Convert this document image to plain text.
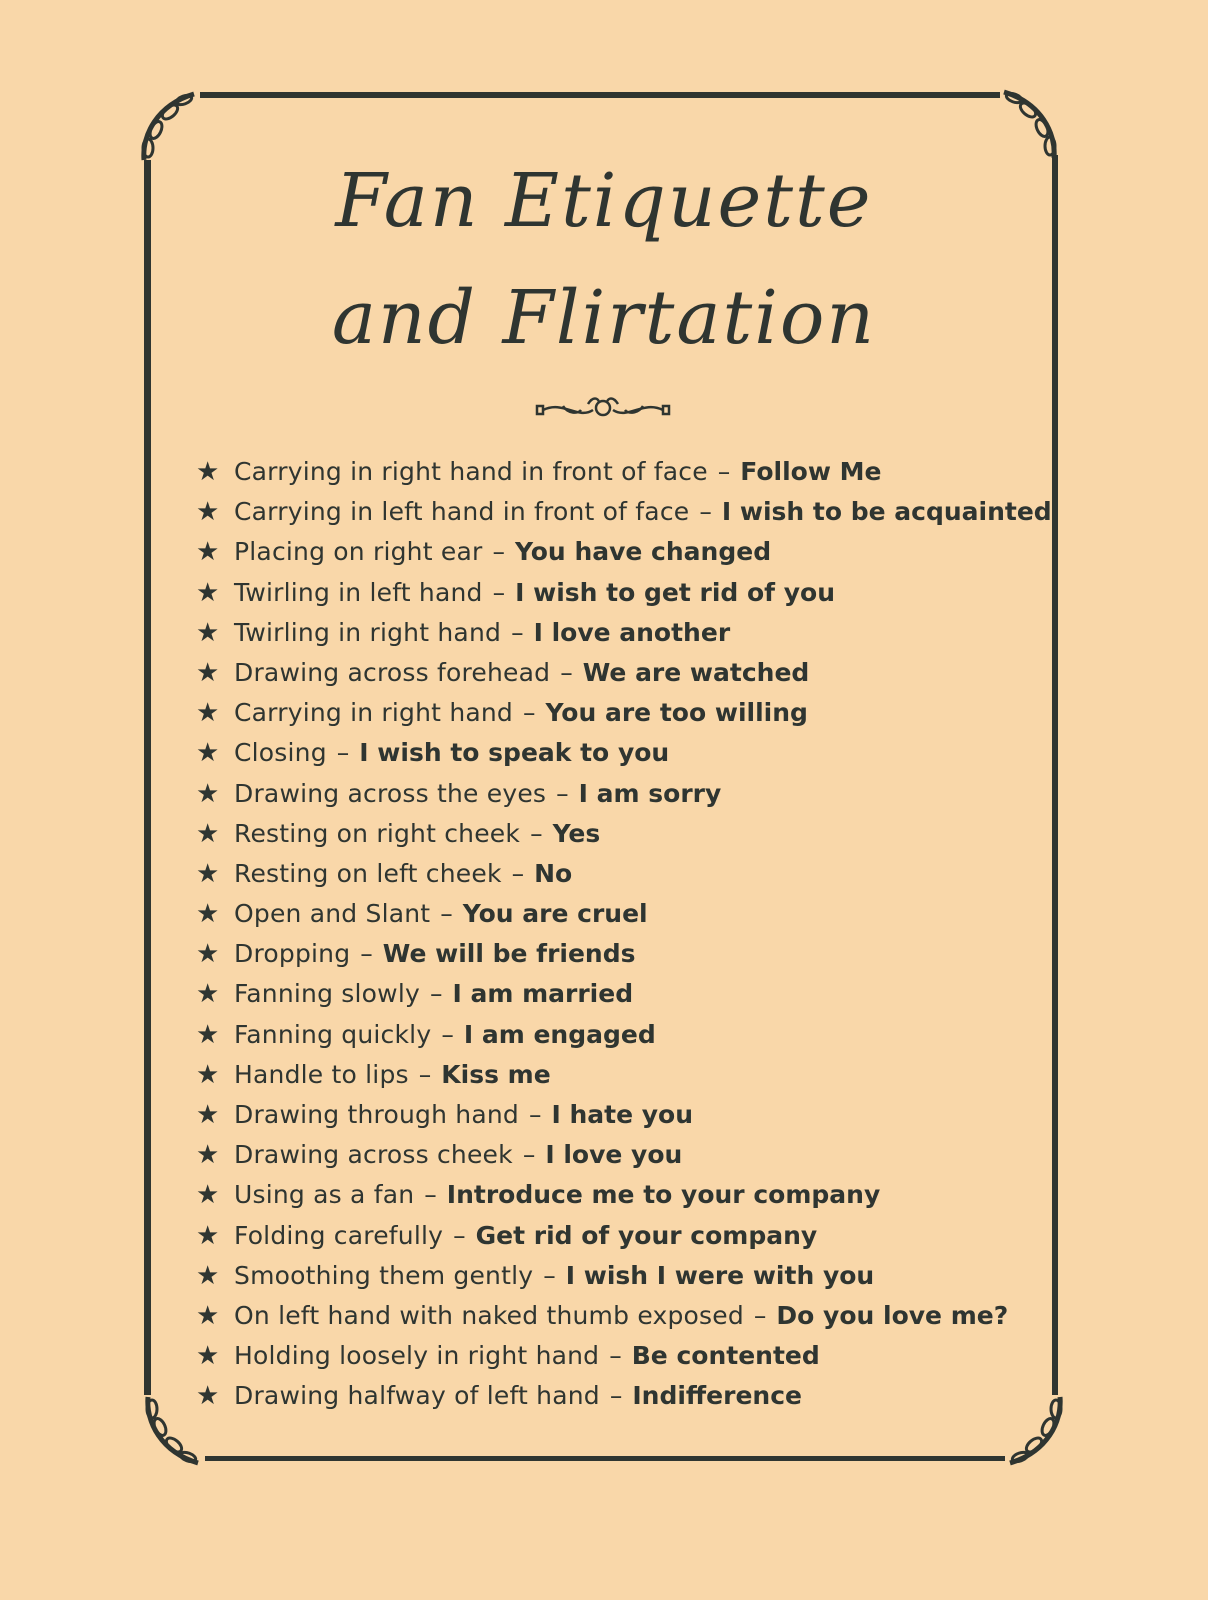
Fan Etiquette
and Flirtation
★ Carrying in right hand in front of face – Follow Me
★ Carrying in left hand in front of face – I wish to be acquainted
★ Placing on right ear – You have changed
★ Twirling in left hand – I wish to get rid of you
★ Twirling in right hand – I love another
★ Drawing across forehead – We are watched
★ Carrying in right hand – You are too willing
★ Closing – I wish to speak to you
★ Drawing across the eyes – I am sorry
★ Resting on right cheek – Yes
★ Resting on left cheek – No
★ Open and Slant – You are cruel
★ Dropping – We will be friends
★ Fanning slowly – I am married
★ Fanning quickly – I am engaged
★ Handle to lips – Kiss me
★ Drawing through hand – I hate you
★ Drawing across cheek – I love you
★ Using as a fan – Introduce me to your company
★ Folding carefully – Get rid of your company
★ Smoothing them gently – I wish I were with you
★ On left hand with naked thumb exposed – Do you love me?
★ Holding loosely in right hand – Be contented
★ Drawing halfway of left hand – Indifference
